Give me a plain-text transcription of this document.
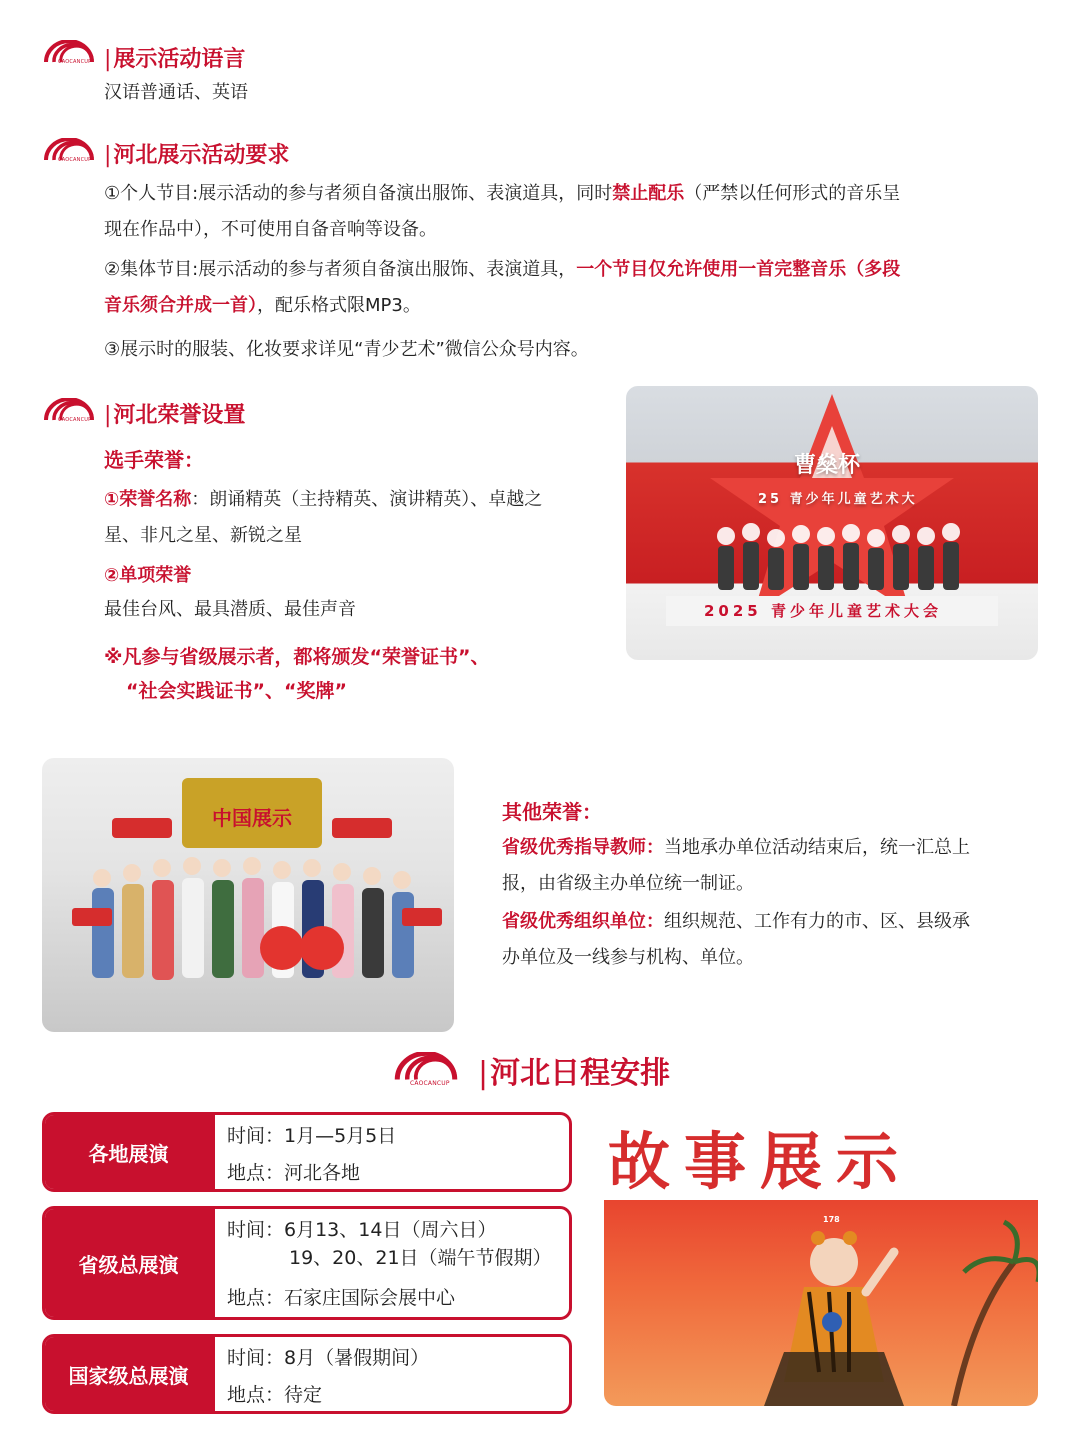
CAOCANCUP |展示活动语言
汉语普通话、英语
CAOCANCUP |河北展示活动要求
①个人节目:展示活动的参与者须自备演出服饰、表演道具，同时禁止配乐（严禁以任何形式的音乐呈
现在作品中），不可使用自备音响等设备。
②集体节目:展示活动的参与者须自备演出服饰、表演道具，一个节目仅允许使用一首完整音乐（多段
音乐须合并成一首），配乐格式限MP3。
③展示时的服装、化妆要求详见“青少艺术”微信公众号内容。
CAOCANCUP |河北荣誉设置
选手荣誉：
①荣誉名称：朗诵精英（主持精英、演讲精英）、卓越之
星、非凡之星、新锐之星
②单项荣誉
最佳台风、最具潜质、最佳声音
※凡参与省级展示者，都将颁发“荣誉证书”、
“社会实践证书”、“奖牌”
曹燊杯
25 青少年儿童艺术大
2025 青少年儿童艺术大会
中国展示	其他荣誉：
省级优秀指导教师：当地承办单位活动结束后，统一汇总上
报，由省级主办单位统一制证。
省级优秀组织单位：组织规范、工作有力的市、区、县级承
办单位及一线参与机构、单位。
CAOCANCUP |河北日程安排
各地展演
时间：1月—5月5日
地点：河北各地
省级总展演
时间：6月13、14日（周六日）
19、20、21日（端午节假期）
地点：石家庄国际会展中心
国家级总展演
时间：8月（暑假期间）
地点：待定
故事展示
178
